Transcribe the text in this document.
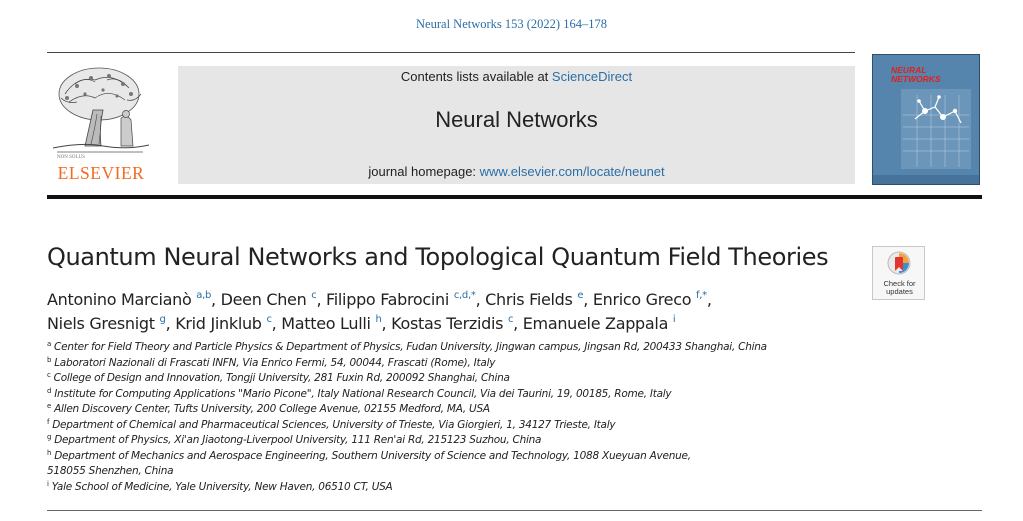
Neural Networks 153 (2022) 164–178
NON SOLUS
ELSEVIER
Contents lists available at ScienceDirect
Neural Networks
journal homepage: www.elsevier.com/locate/neunet
NEURAL
NETWORKS
Quantum Neural Networks and Topological Quantum Field Theories
Check for
updates
Antonino Marcianò $^{a,b}$, Deen Chen $^c$, Filippo Fabrocini $^{c,d,*}$, Chris Fields $^e$, Enrico Greco $^{f,*}$,
Niels Gresnigt $^g$, Krid Jinklub $^c$, Matteo Lulli $^h$, Kostas Terzidis $^c$, Emanuele Zappala $^i$
$^a$ Center for Field Theory and Particle Physics & Department of Physics, Fudan University, Jingwan campus, Jingsan Rd, 200433 Shanghai, China
$^b$ Laboratori Nazionali di Frascati INFN, Via Enrico Fermi, 54, 00044, Frascati (Rome), Italy
$^c$ College of Design and Innovation, Tongji University, 281 Fuxin Rd, 200092 Shanghai, China
$^d$ Institute for Computing Applications "Mario Picone", Italy National Research Council, Via dei Taurini, 19, 00185, Rome, Italy
$^e$ Allen Discovery Center, Tufts University, 200 College Avenue, 02155 Medford, MA, USA
$^f$ Department of Chemical and Pharmaceutical Sciences, University of Trieste, Via Giorgieri, 1, 34127 Trieste, Italy
$^g$ Department of Physics, Xi'an Jiaotong-Liverpool University, 111 Ren'ai Rd, 215123 Suzhou, China
$^h$ Department of Mechanics and Aerospace Engineering, Southern University of Science and Technology, 1088 Xueyuan Avenue, 518055 Shenzhen, China
$^i$ Yale School of Medicine, Yale University, New Haven, 06510 CT, USA
